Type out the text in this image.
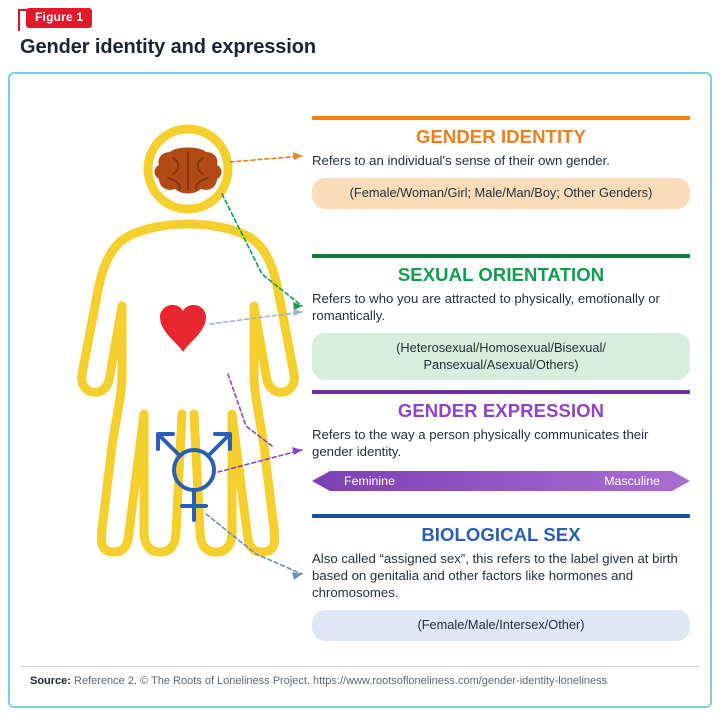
Figure 1
Gender identity and expression
GENDER IDENTITY

Refers to an individual's sense of their own gender.

(Female/Woman/Girl; Male/Man/Boy; Other Genders)
SEXUAL ORIENTATION

Refers to who you are attracted to physically, emotionally or romantically.

(Heterosexual/Homosexual/Bisexual/ Pansexual/Asexual/Others)
GENDER EXPRESSION

Refers to the way a person physically communicates their gender identity.

Feminine	Masculine
BIOLOGICAL SEX

Also called “assigned sex”, this refers to the label given at birth based on genitalia and other factors like hormones and chromosomes.

(Female/Male/Intersex/Other)
Source: Reference 2. © The Roots of Loneliness Project. https://www.rootsofloneliness.com/gender-identity-loneliness
